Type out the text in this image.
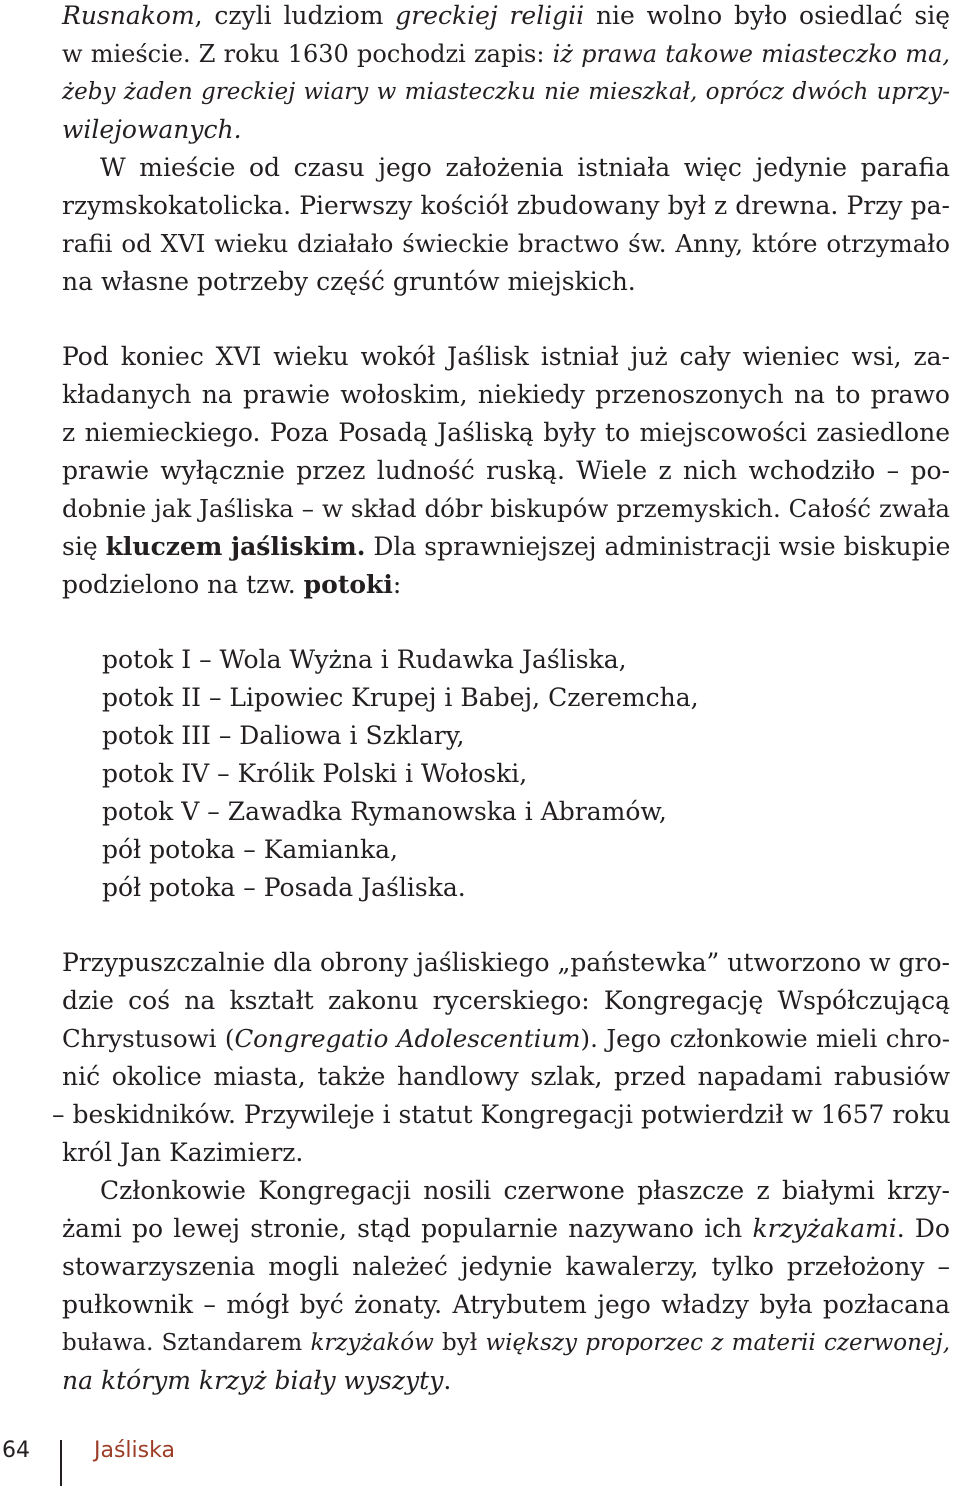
Rusnakom, czyli ludziom greckiej religii nie wolno było osiedlać się
w mieście. Z roku 1630 pochodzi zapis: iż prawa takowe miasteczko ma,
żeby żaden greckiej wiary w miasteczku nie mieszkał, oprócz dwóch uprzy-
wilejowanych.
W mieście od czasu jego założenia istniała więc jedynie parafia
rzymskokatolicka. Pierwszy kościół zbudowany był z drewna. Przy pa-
rafii od XVI wieku działało świeckie bractwo św. Anny, które otrzymało
na własne potrzeby część gruntów miejskich.
Pod koniec XVI wieku wokół Jaślisk istniał już cały wieniec wsi, za-
kładanych na prawie wołoskim, niekiedy przenoszonych na to prawo
z niemieckiego. Poza Posadą Jaśliską były to miejscowości zasiedlone
prawie wyłącznie przez ludność ruską. Wiele z nich wchodziło – po-
dobnie jak Jaśliska – w skład dóbr biskupów przemyskich. Całość zwała
się kluczem jaśliskim. Dla sprawniejszej administracji wsie biskupie
podzielono na tzw. potoki:
potok I – Wola Wyżna i Rudawka Jaśliska,
potok II – Lipowiec Krupej i Babej, Czeremcha,
potok III – Daliowa i Szklary,
potok IV – Królik Polski i Wołoski,
potok V – Zawadka Rymanowska i Abramów,
pół potoka – Kamianka,
pół potoka – Posada Jaśliska.
Przypuszczalnie dla obrony jaśliskiego „państewka” utworzono w gro-
dzie coś na kształt zakonu rycerskiego: Kongregację Współczującą
Chrystusowi (Congregatio Adolescentium). Jego członkowie mieli chro-
nić okolice miasta, także handlowy szlak, przed napadami rabusiów
– beskidników. Przywileje i statut Kongregacji potwierdził w 1657 roku
król Jan Kazimierz.
Członkowie Kongregacji nosili czerwone płaszcze z białymi krzy-
żami po lewej stronie, stąd popularnie nazywano ich krzyżakami. Do
stowarzyszenia mogli należeć jedynie kawalerzy, tylko przełożony –
pułkownik – mógł być żonaty. Atrybutem jego władzy była pozłacana
buława. Sztandarem krzyżaków był większy proporzec z materii czerwonej,
na którym krzyż biały wyszyty.
64	Jaśliska
